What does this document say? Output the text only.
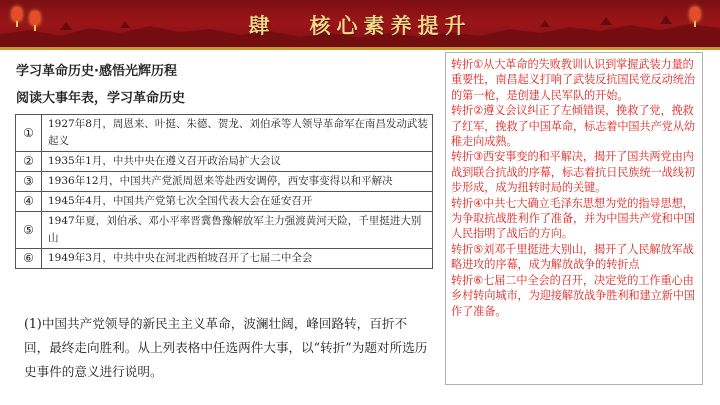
肆 核心素养提升
学习革命历史·感悟光辉历程
阅读大事年表，学习革命历史
①	1927年8月，周恩来、叶挺、朱德、贺龙、刘伯承等人领导革命军在南昌发动武装起义
②	1935年1月，中共中央在遵义召开政治局扩大会议
③	1936年12月，中国共产党派周恩来等赴西安调停，西安事变得以和平解决
④	1945年4月，中国共产党第七次全国代表大会在延安召开
⑤	1947年夏，刘伯承、邓小平率晋冀鲁豫解放军主力强渡黄河天险，千里挺进大别山
⑥	1949年3月，中共中央在河北西柏坡召开了七届二中全会
(1)中国共产党领导的新民主主义革命，波澜壮阔，峰回路转，百折不回，最终走向胜利。从上列表格中任选两件大事，以“转折”为题对所选历史事件的意义进行说明。

转折①从大革命的失败教训认识到掌握武装力量的重要性，南昌起义打响了武装反抗国民党反动统治的第一枪，是创建人民军队的开始。

转折②遵义会议纠正了左倾错误，挽救了党，挽救了红军，挽救了中国革命，标志着中国共产党从幼稚走向成熟。

转折③西安事变的和平解决，揭开了国共两党由内战到联合抗战的序幕，标志着抗日民族统一战线初步形成，成为扭转时局的关键。

转折④中共七大确立毛泽东思想为党的指导思想，为争取抗战胜利作了准备，并为中国共产党和中国人民指明了战后的方向。

转折⑤刘邓千里挺进大别山，揭开了人民解放军战略进攻的序幕，成为解放战争的转折点

转折⑥七届二中全会的召开，决定党的工作重心由乡村转向城市，为迎接解放战争胜利和建立新中国作了准备。
